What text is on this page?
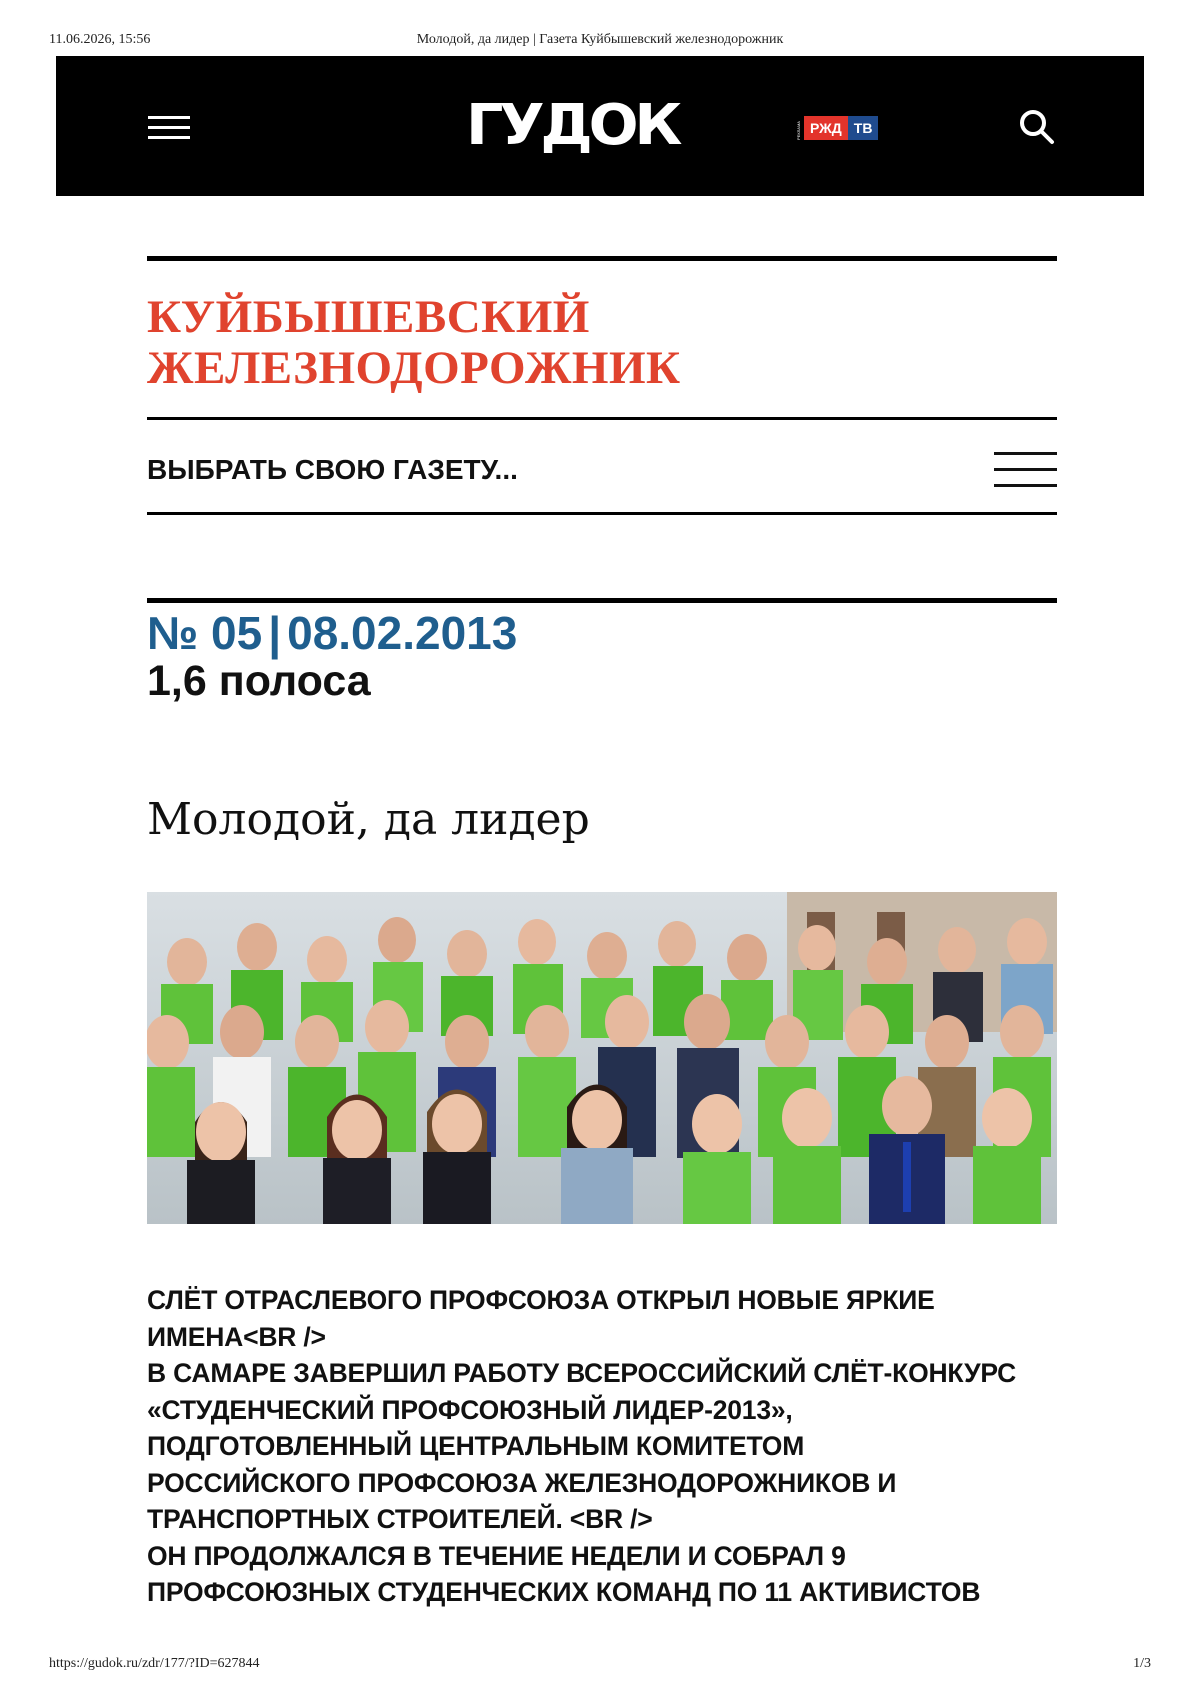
11.06.2026, 15:56	Молодой, да лидер | Газета Куйбышевский железнодорожник
ГУДОК	РЕКЛАМА РЖД ТВ
КУЙБЫШЕВСКИЙ
ЖЕЛЕЗНОДОРОЖНИК
ВЫБРАТЬ СВОЮ ГАЗЕТУ...
№ 05 | 08.02.2013
1,6 полоса
Молодой, да лидер
СЛЁТ ОТРАСЛЕВОГО ПРОФСОЮЗА ОТКРЫЛ НОВЫЕ ЯРКИЕ
ИМЕНА<BR />
В САМАРЕ ЗАВЕРШИЛ РАБОТУ ВСЕРОССИЙСКИЙ СЛЁТ-КОНКУРС
«СТУДЕНЧЕСКИЙ ПРОФСОЮЗНЫЙ ЛИДЕР-2013»,
ПОДГОТОВЛЕННЫЙ ЦЕНТРАЛЬНЫМ КОМИТЕТОМ
РОССИЙСКОГО ПРОФСОЮЗА ЖЕЛЕЗНОДОРОЖНИКОВ И
ТРАНСПОРТНЫХ СТРОИТЕЛЕЙ. <BR />
ОН ПРОДОЛЖАЛСЯ В ТЕЧЕНИЕ НЕДЕЛИ И СОБРАЛ 9
ПРОФСОЮЗНЫХ СТУДЕНЧЕСКИХ КОМАНД ПО 11 АКТИВИСТОВ
https://gudok.ru/zdr/177/?ID=627844	1/3
